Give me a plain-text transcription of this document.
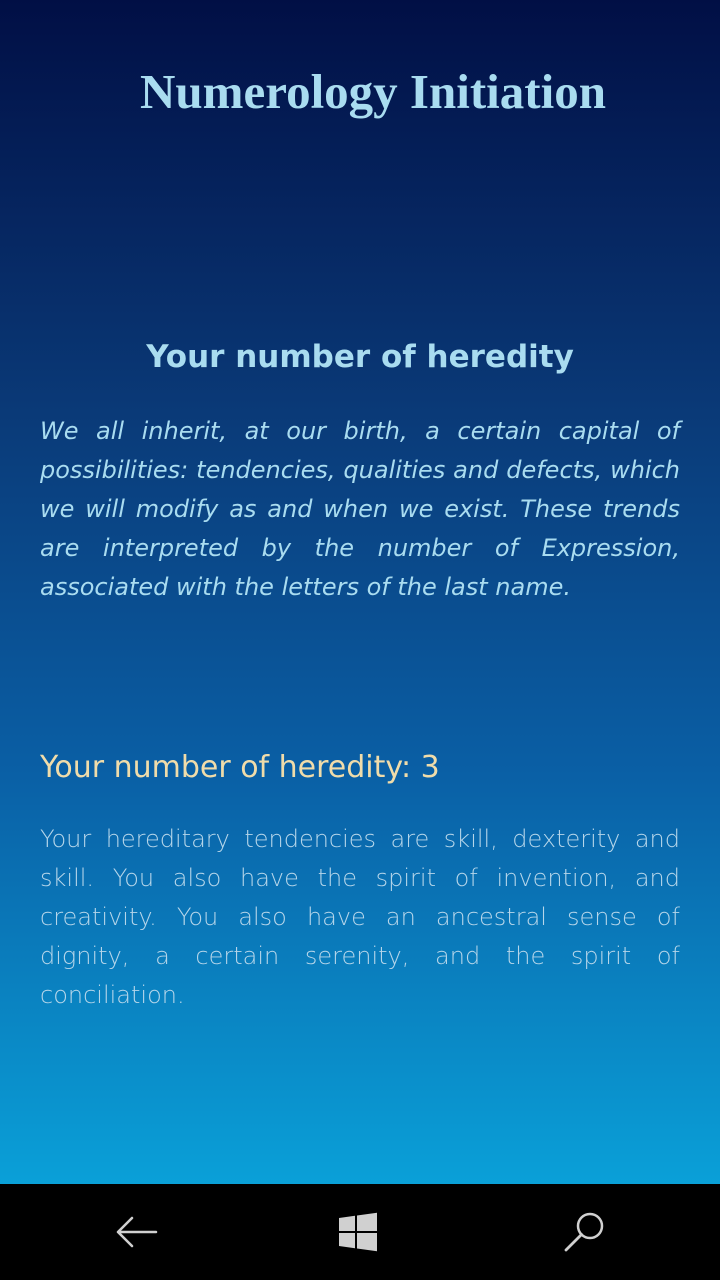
Numerology Initiation
Your number of heredity
We all inherit, at our birth, a certain capital of possibilities: tendencies, qualities and defects, which we will modify as and when we exist. These trends are interpreted by the number of Expression, associated with the letters of the last name.
Your number of heredity: 3
Your hereditary tendencies are skill, dexterity and skill. You also have the spirit of invention, and creativity. You also have an ancestral sense of dignity, a certain serenity, and the spirit of conciliation.
